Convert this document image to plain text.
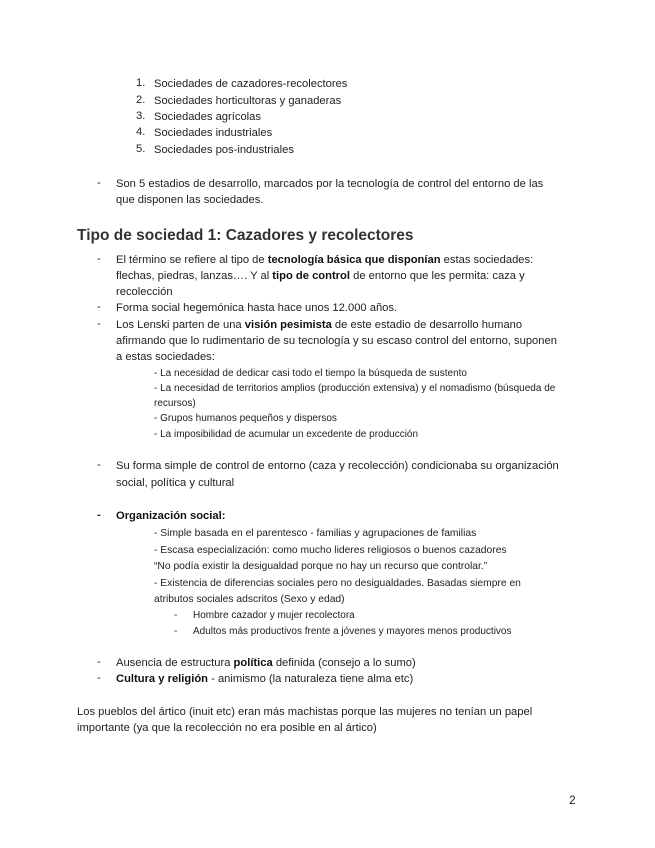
1. Sociedades de cazadores-recolectores
2. Sociedades horticultoras y ganaderas
3. Sociedades agrícolas
4. Sociedades industriales
5. Sociedades pos-industriales
- Son 5 estadios de desarrollo, marcados por la tecnología de control del entorno de las
que disponen las sociedades.
Tipo de sociedad 1: Cazadores y recolectores
- El término se refiere al tipo de tecnología básica que disponían estas sociedades:
flechas, piedras, lanzas…. Y al tipo de control de entorno que les permita: caza y
recolección
- Forma social hegemónica hasta hace unos 12.000 años.
- Los Lenski parten de una visión pesimista de este estadio de desarrollo humano
afirmando que lo rudimentario de su tecnología y su escaso control del entorno, suponen
a estas sociedades:
- La necesidad de dedicar casi todo el tiempo la búsqueda de sustento
- La necesidad de territorios amplios (producción extensiva) y el nomadismo (búsqueda de
recursos)
- Grupos humanos pequeños y dispersos
- La imposibilidad de acumular un excedente de producción
- Su forma simple de control de entorno (caza y recolección) condicionaba su organización
social, política y cultural
- Organización social:
- Simple basada en el parentesco - familias y agrupaciones de familias
- Escasa especialización: como mucho lideres religiosos o buenos cazadores
“No podía existir la desigualdad porque no hay un recurso que controlar.”
- Existencia de diferencias sociales pero no desigualdades. Basadas siempre en
atributos sociales adscritos (Sexo y edad)
- Hombre cazador y mujer recolectora
- Adultos más productivos frente a jóvenes y mayores menos productivos
- Ausencia de estructura política definida (consejo a lo sumo)
- Cultura y religión - animismo (la naturaleza tiene alma etc)
Los pueblos del ártico (inuit etc) eran más machistas porque las mujeres no tenían un papel
importante (ya que la recolección no era posible en al ártico)
2
